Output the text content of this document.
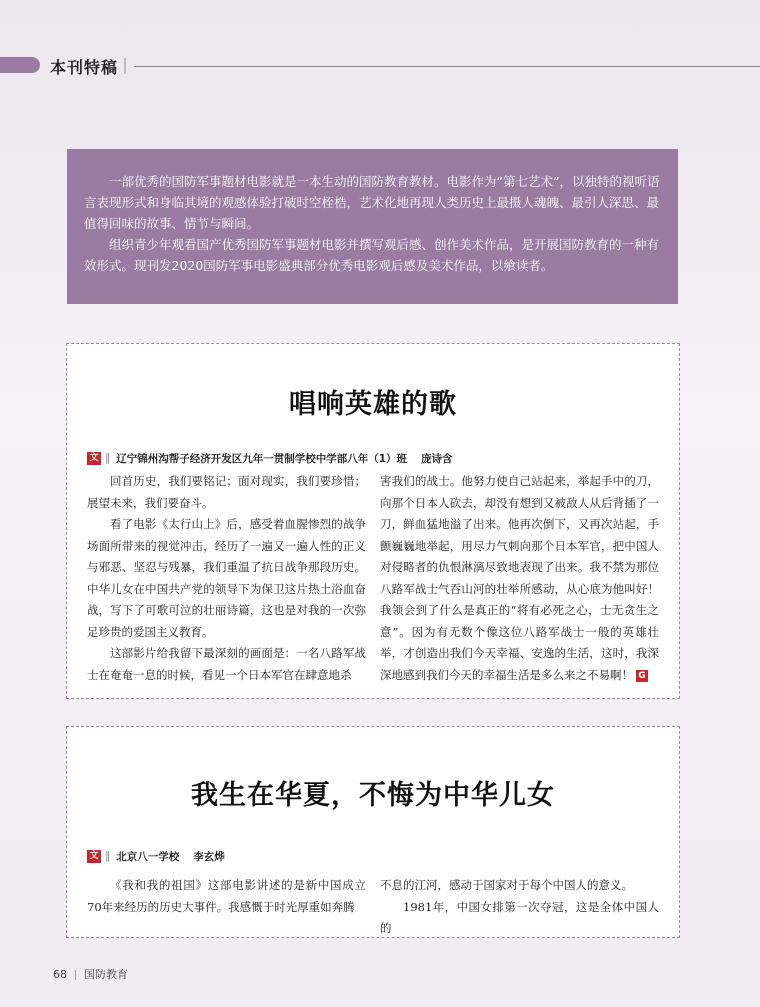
本刊特稿

一部优秀的国防军事题材电影就是一本生动的国防教育教材。电影作为“第七艺术”，以独特的视听语言表现形式和身临其境的观感体验打破时空桎梏，艺术化地再现人类历史上最摄人魂魄、最引人深思、最值得回味的故事、情节与瞬间。

组织青少年观看国产优秀国防军事题材电影并撰写观后感、创作美术作品，是开展国防教育的一种有效形式。现刊发2020国防军事电影盛典部分优秀电影观后感及美术作品，以飨读者。

唱响英雄的歌
文 ‖ 辽宁锦州沟帮子经济开发区九年一贯制学校中学部八年（1）班 庞诗含

回首历史，我们要铭记；面对现实，我们要珍惜；展望未来，我们要奋斗。

看了电影《太行山上》后，感受着血腥惨烈的战争场面所带来的视觉冲击，经历了一遍又一遍人性的正义与邪恶、坚忍与残暴，我们重温了抗日战争那段历史。中华儿女在中国共产党的领导下为保卫这片热土浴血奋战，写下了可歌可泣的壮丽诗篇，这也是对我的一次弥足珍贵的爱国主义教育。

这部影片给我留下最深刻的画面是：一名八路军战士在奄奄一息的时候，看见一个日本军官在肆意地杀

害我们的战士。他努力使自己站起来，举起手中的刀，向那个日本人砍去，却没有想到又被敌人从后背插了一刀，鲜血猛地溢了出来。他再次倒下，又再次站起，手颤巍巍地举起，用尽力气刺向那个日本军官，把中国人对侵略者的仇恨淋漓尽致地表现了出来。我不禁为那位八路军战士气吞山河的壮举所感动，从心底为他叫好！我领会到了什么是真正的“将有必死之心，士无贪生之意”。因为有无数个像这位八路军战士一般的英雄壮举，才创造出我们今天幸福、安逸的生活，这时，我深深地感到我们今天的幸福生活是多么来之不易啊！ G

我生在华夏，不悔为中华儿女
文 ‖ 北京八一学校 李玄烨

《我和我的祖国》这部电影讲述的是新中国成立70年来经历的历史大事件。我感慨于时光厚重如奔腾

不息的江河，感动于国家对于每个中国人的意义。

1981年，中国女排第一次夺冠，这是全体中国人的

68 国防教育
